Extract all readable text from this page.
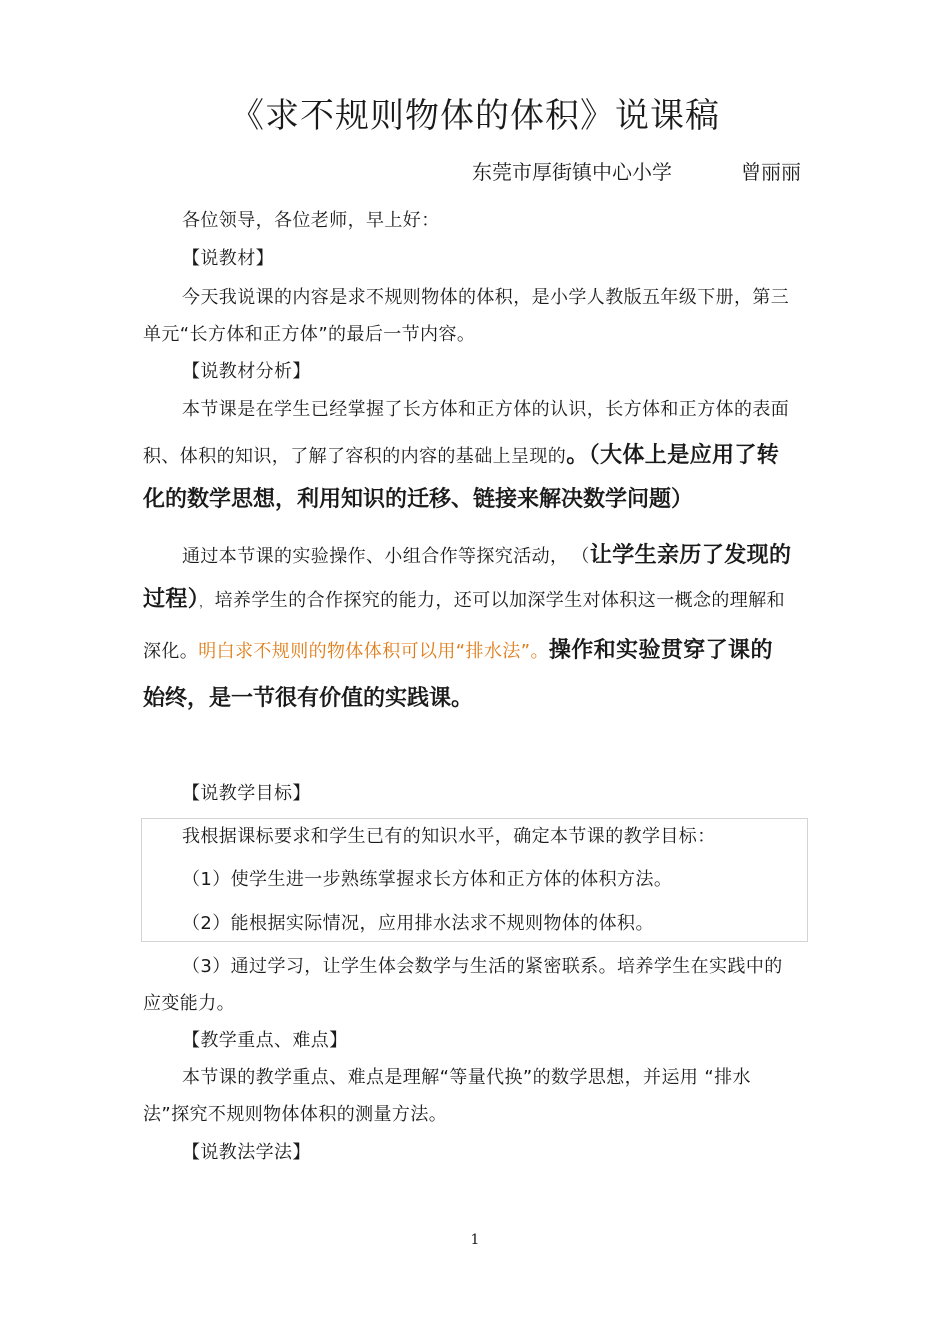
《求不规则物体的体积》说课稿
东莞市厚街镇中心小学	曾丽丽
各位领导，各位老师，早上好：
【说教材】
今天我说课的内容是求不规则物体的体积，是小学人教版五年级下册，第三
单元“长方体和正方体”的最后一节内容。
【说教材分析】
本节课是在学生已经掌握了长方体和正方体的认识，长方体和正方体的表面
积、体积的知识，了解了容积的内容的基础上呈现的。（大体上是应用了转
化的数学思想，利用知识的迁移、链接来解决数学问题）
通过本节课的实验操作、小组合作等探究活动， （让学生亲历了发现的
过程）， 培养学生的合作探究的能力，还可以加深学生对体积这一概念的理解和
深化。明白求不规则的物体体积可以用“排水法”。操作和实验贯穿了课的
始终，是一节很有价值的实践课。
【说教学目标】
我根据课标要求和学生已有的知识水平，确定本节课的教学目标：
（1）使学生进一步熟练掌握求长方体和正方体的体积方法。
（2）能根据实际情况，应用排水法求不规则物体的体积。
（3）通过学习，让学生体会数学与生活的紧密联系。培养学生在实践中的
应变能力。
【教学重点、难点】
本节课的教学重点、难点是理解“等量代换”的数学思想，并运用 “排水
法”探究不规则物体体积的测量方法。
【说教法学法】
1
